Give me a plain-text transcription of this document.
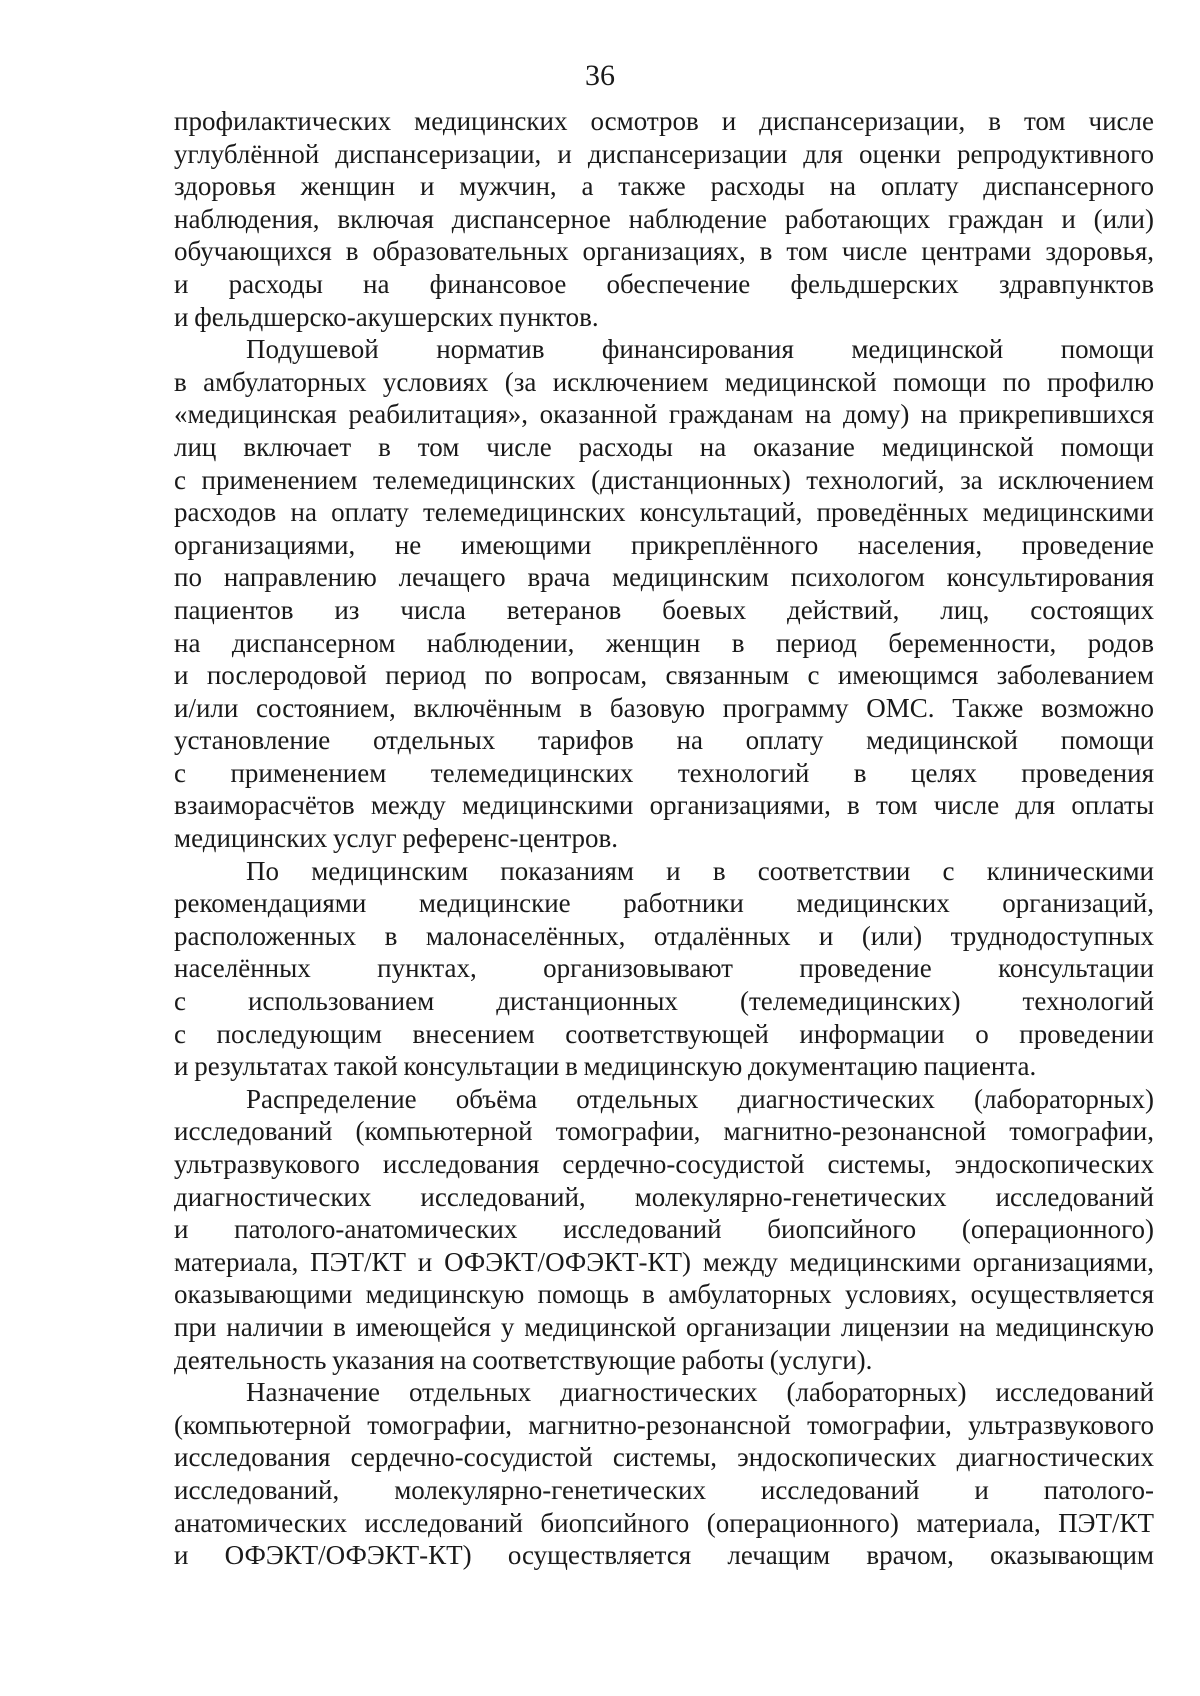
36
профилактических медицинских осмотров и диспансеризации, в том числе
углублённой диспансеризации, и диспансеризации для оценки репродуктивного
здоровья женщин и мужчин, а также расходы на оплату диспансерного
наблюдения, включая диспансерное наблюдение работающих граждан и (или)
обучающихся в образовательных организациях, в том числе центрами здоровья,
и расходы на финансовое обеспечение фельдшерских здравпунктов
и фельдшерско-акушерских пунктов.
Подушевой норматив финансирования медицинской помощи
в амбулаторных условиях (за исключением медицинской помощи по профилю
«медицинская реабилитация», оказанной гражданам на дому) на прикрепившихся
лиц включает в том числе расходы на оказание медицинской помощи
с применением телемедицинских (дистанционных) технологий, за исключением
расходов на оплату телемедицинских консультаций, проведённых медицинскими
организациями, не имеющими прикреплённого населения, проведение
по направлению лечащего врача медицинским психологом консультирования
пациентов из числа ветеранов боевых действий, лиц, состоящих
на диспансерном наблюдении, женщин в период беременности, родов
и послеродовой период по вопросам, связанным с имеющимся заболеванием
и/или состоянием, включённым в базовую программу ОМС. Также возможно
установление отдельных тарифов на оплату медицинской помощи
с применением телемедицинских технологий в целях проведения
взаиморасчётов между медицинскими организациями, в том числе для оплаты
медицинских услуг референс-центров.
По медицинским показаниям и в соответствии с клиническими
рекомендациями медицинские работники медицинских организаций,
расположенных в малонаселённых, отдалённых и (или) труднодоступных
населённых пунктах, организовывают проведение консультации
с использованием дистанционных (телемедицинских) технологий
с последующим внесением соответствующей информации о проведении
и результатах такой консультации в медицинскую документацию пациента.
Распределение объёма отдельных диагностических (лабораторных)
исследований (компьютерной томографии, магнитно-резонансной томографии,
ультразвукового исследования сердечно-сосудистой системы, эндоскопических
диагностических исследований, молекулярно-генетических исследований
и патолого-анатомических исследований биопсийного (операционного)
материала, ПЭТ/КТ и ОФЭКТ/ОФЭКТ-КТ) между медицинскими организациями,
оказывающими медицинскую помощь в амбулаторных условиях, осуществляется
при наличии в имеющейся у медицинской организации лицензии на медицинскую
деятельность указания на соответствующие работы (услуги).
Назначение отдельных диагностических (лабораторных) исследований
(компьютерной томографии, магнитно-резонансной томографии, ультразвукового
исследования сердечно-сосудистой системы, эндоскопических диагностических
исследований, молекулярно-генетических исследований и патолого-
анатомических исследований биопсийного (операционного) материала, ПЭТ/КТ
и ОФЭКТ/ОФЭКТ-КТ) осуществляется лечащим врачом, оказывающим
